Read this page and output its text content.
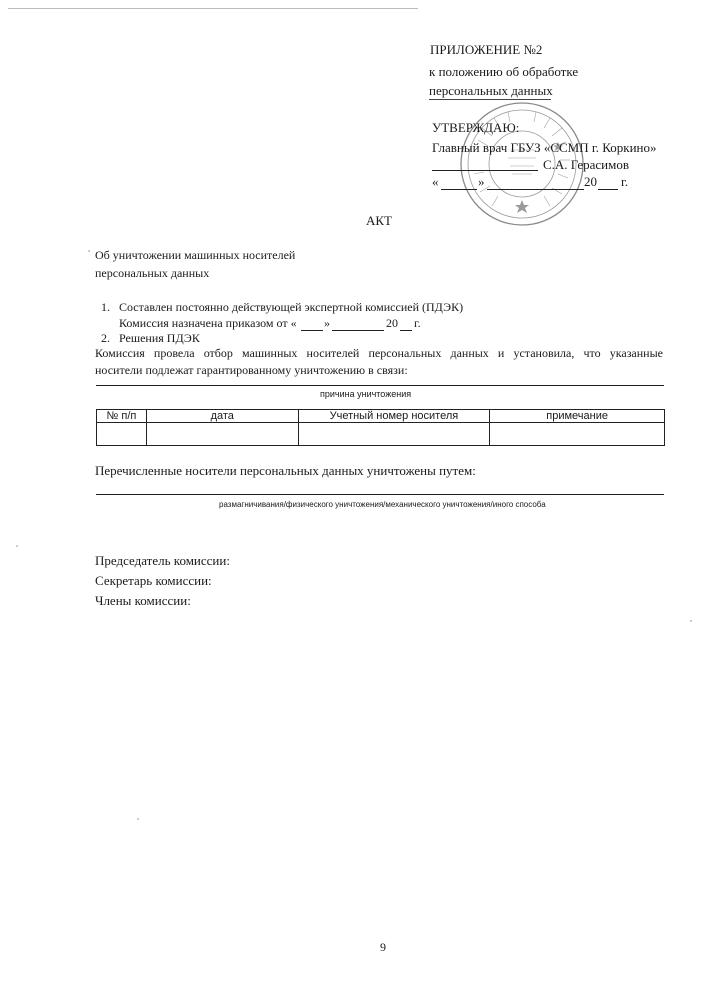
ПРИЛОЖЕНИЕ №2
к положению об обработке
персональных данных
УТВЕРЖДАЮ:
Главный врач ГБУЗ «ССМП г. Коркино»
С.А. Герасимов
«	»	20 г.
АКТ
Об уничтожении машинных носителей
персональных данных
1. Составлен постоянно действующей экспертной комиссией (ПДЭК)
Комиссия назначена приказом от « »	20 г.
2. Решения ПДЭК
Комиссия провела отбор машинных носителей персональных данных и установила, что указанные
носители подлежат гарантированному уничтожению в связи:
причина уничтожения
№ п/п	дата	Учетный номер носителя	примечание

Перечисленные носители персональных данных уничтожены путем:
размагничивания/физического уничтожения/механического уничтожения/иного способа
Председатель комиссии:
Секретарь комиссии:
Члены комиссии:
9
